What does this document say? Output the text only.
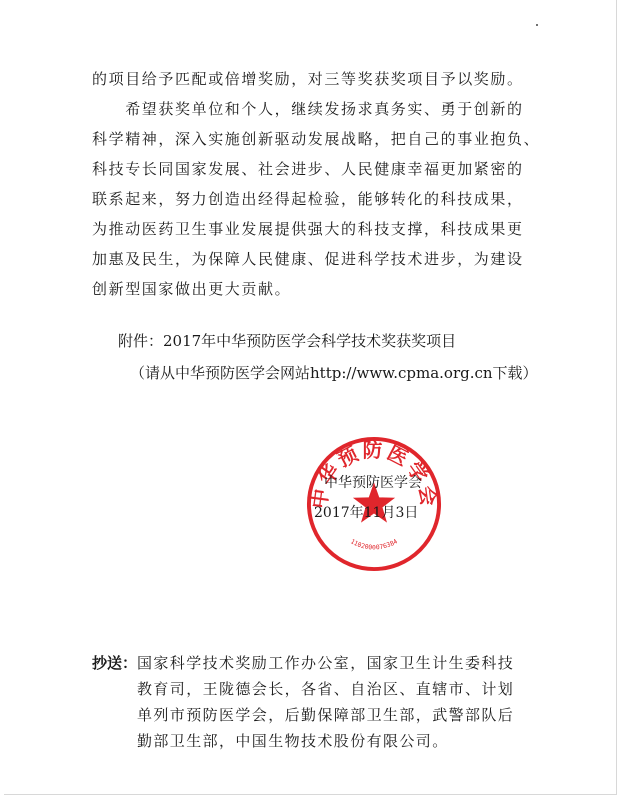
的项目给予匹配或倍增奖励，对三等奖获奖项目予以奖励。
　　希望获奖单位和个人，继续发扬求真务实、勇于创新的
科学精神，深入实施创新驱动发展战略，把自己的事业抱负、
科技专长同国家发展、社会进步、人民健康幸福更加紧密的
联系起来，努力创造出经得起检验，能够转化的科技成果，
为推动医药卫生事业发展提供强大的科技支撑，科技成果更
加惠及民生，为保障人民健康、促进科学技术进步，为建设
创新型国家做出更大贡献。
附件：2017年中华预防医学会科学技术奖获奖项目
（请从中华预防医学会网站http://www.cpma.org.cn下载）
中华预防医学会
1102000076384
中华预防医学会
2017年11月3日
抄送： 国家科学技术奖励工作办公室，国家卫生计生委科技
教育司，王陇德会长，各省、自治区、直辖市、计划
单列市预防医学会，后勤保障部卫生部，武警部队后
勤部卫生部，中国生物技术股份有限公司。
